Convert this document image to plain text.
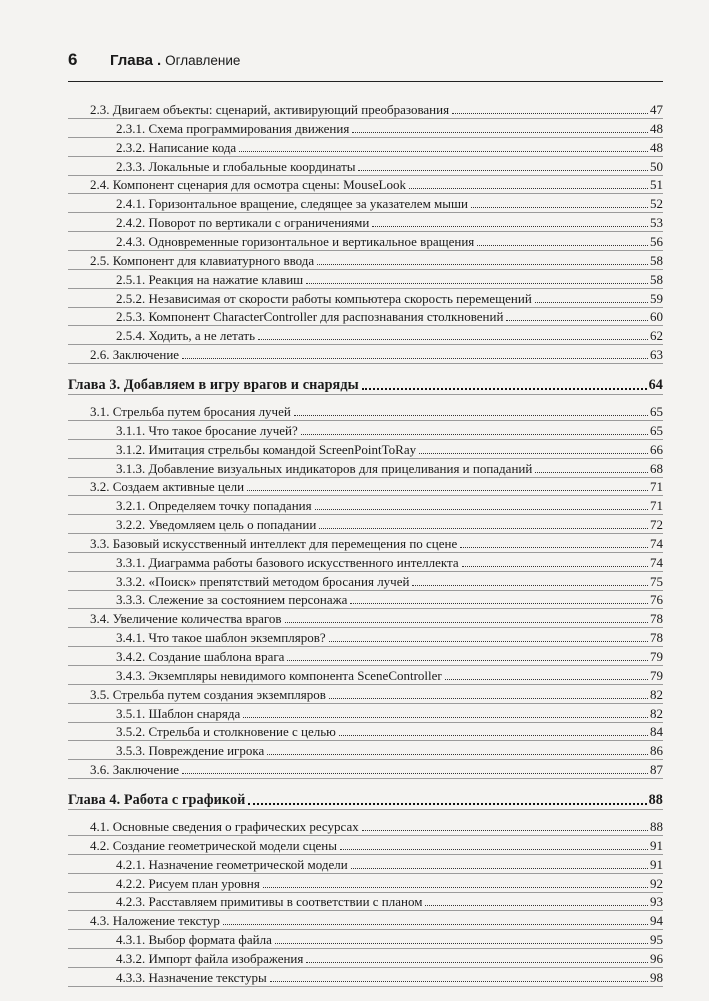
6	Глава . Оглавление
2.3. Двигаем объекты: сценарий, активирующий преобразования	47
2.3.1. Схема программирования движения	48
2.3.2. Написание кода	48
2.3.3. Локальные и глобальные координаты	50
2.4. Компонент сценария для осмотра сцены: MouseLook	51
2.4.1. Горизонтальное вращение, следящее за указателем мыши	52
2.4.2. Поворот по вертикали с ограничениями	53
2.4.3. Одновременные горизонтальное и вертикальное вращения	56
2.5. Компонент для клавиатурного ввода	58
2.5.1. Реакция на нажатие клавиш	58
2.5.2. Независимая от скорости работы компьютера скорость перемещений	59
2.5.3. Компонент CharacterController для распознавания столкновений	60
2.5.4. Ходить, а не летать	62
2.6. Заключение	63
Глава 3. Добавляем в игру врагов и снаряды	64
3.1. Стрельба путем бросания лучей	65
3.1.1. Что такое бросание лучей?	65
3.1.2. Имитация стрельбы командой ScreenPointToRay	66
3.1.3. Добавление визуальных индикаторов для прицеливания и попаданий	68
3.2. Создаем активные цели	71
3.2.1. Определяем точку попадания	71
3.2.2. Уведомляем цель о попадании	72
3.3. Базовый искусственный интеллект для перемещения по сцене	74
3.3.1. Диаграмма работы базового искусственного интеллекта	74
3.3.2. «Поиск» препятствий методом бросания лучей	75
3.3.3. Слежение за состоянием персонажа	76
3.4. Увеличение количества врагов	78
3.4.1. Что такое шаблон экземпляров?	78
3.4.2. Создание шаблона врага	79
3.4.3. Экземпляры невидимого компонента SceneController	79
3.5. Стрельба путем создания экземпляров	82
3.5.1. Шаблон снаряда	82
3.5.2. Стрельба и столкновение с целью	84
3.5.3. Повреждение игрока	86
3.6. Заключение	87
Глава 4. Работа с графикой	88
4.1. Основные сведения о графических ресурсах	88
4.2. Создание геометрической модели сцены	91
4.2.1. Назначение геометрической модели	91
4.2.2. Рисуем план уровня	92
4.2.3. Расставляем примитивы в соответствии с планом	93
4.3. Наложение текстур	94
4.3.1. Выбор формата файла	95
4.3.2. Импорт файла изображения	96
4.3.3. Назначение текстуры	98
